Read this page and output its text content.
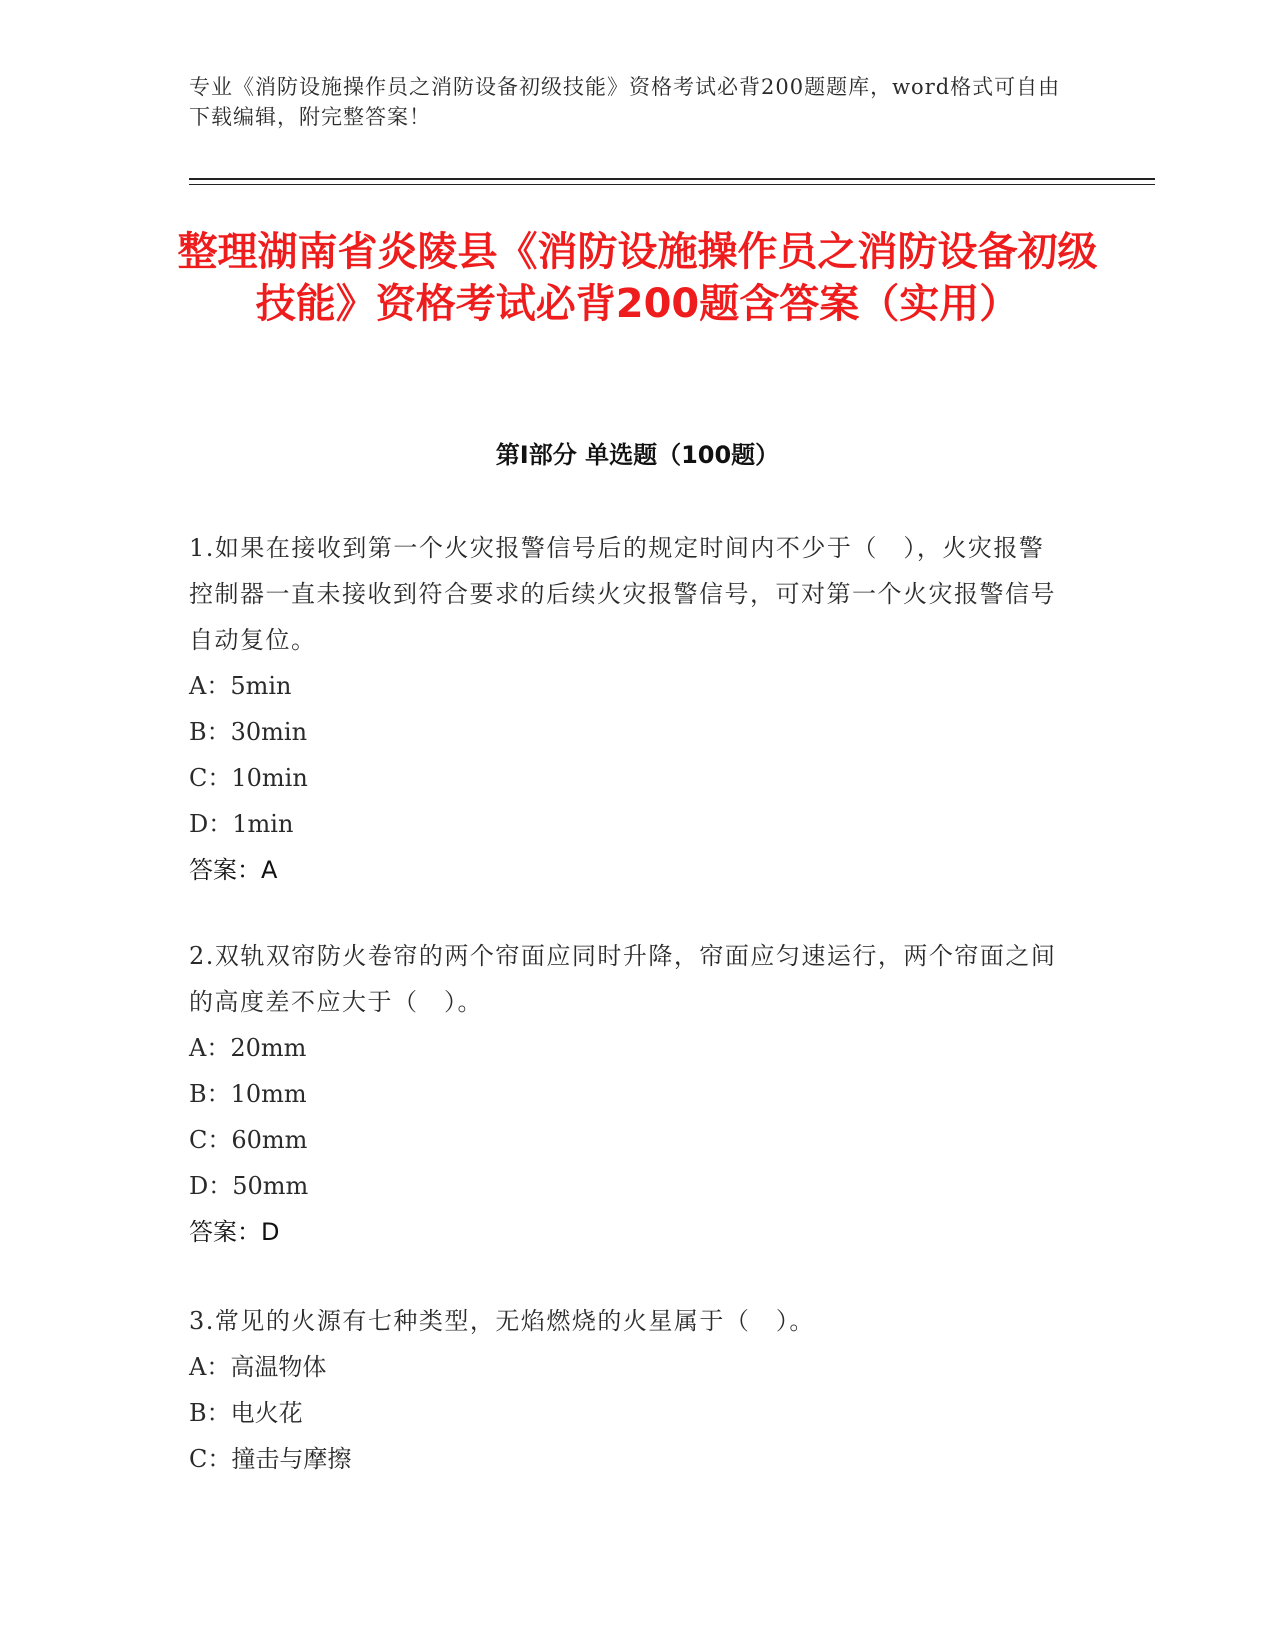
专业《消防设施操作员之消防设备初级技能》资格考试必背200题题库，word格式可自由下载编辑，附完整答案！
整理湖南省炎陵县《消防设施操作员之消防设备初级技能》资格考试必背200题含答案（实用）
第Ⅰ部分 单选题（100题）
1.如果在接收到第一个火灾报警信号后的规定时间内不少于（　），火灾报警控制器一直未接收到符合要求的后续火灾报警信号，可对第一个火灾报警信号自动复位。
A：5min
B：30min
C：10min
D：1min
答案：A
2.双轨双帘防火卷帘的两个帘面应同时升降，帘面应匀速运行，两个帘面之间的高度差不应大于（　）。
A：20mm
B：10mm
C：60mm
D：50mm
答案：D
3.常见的火源有七种类型，无焰燃烧的火星属于（　）。
A：高温物体
B：电火花
C：撞击与摩擦
